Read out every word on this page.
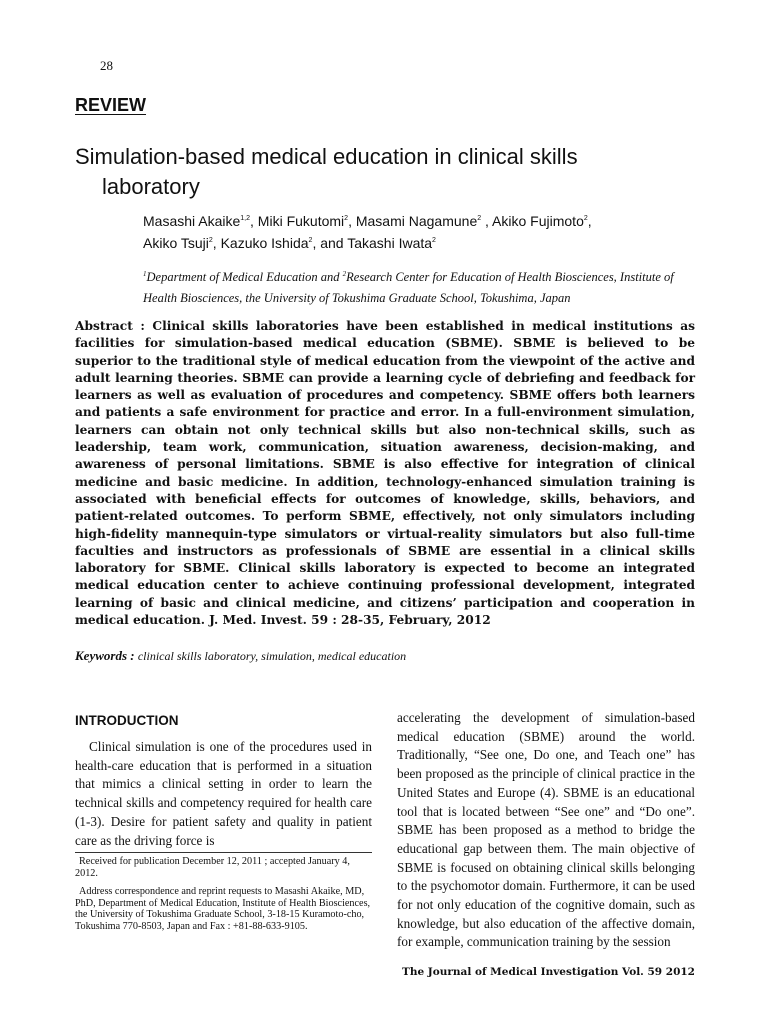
28
REVIEW
Simulation-based medical education in clinical skills
laboratory
Masashi Akaike$^{1,2}$, Miki Fukutomi$^2$, Masami Nagamune$^2$ , Akiko Fujimoto$^2$,
Akiko Tsuji$^2$, Kazuko Ishida$^2$, and Takashi Iwata$^2$
$^1$Department of Medical Education and $^2$Research Center for Education of Health Biosciences, Institute of Health Biosciences, the University of Tokushima Graduate School, Tokushima, Japan

Abstract : Clinical skills laboratories have been established in medical institutions as facilities for simulation-based medical education (SBME). SBME is believed to be superior to the traditional style of medical education from the viewpoint of the active and adult learning theories. SBME can provide a learning cycle of debriefing and feedback for learners as well as evaluation of procedures and competency. SBME offers both learners and patients a safe environment for practice and error. In a full-environment simulation, learners can obtain not only technical skills but also non-technical skills, such as leadership, team work, communication, situation awareness, decision-making, and awareness of personal limitations. SBME is also effective for integration of clinical medicine and basic medicine. In addition, technology-enhanced simulation training is associated with beneficial effects for outcomes of knowledge, skills, behaviors, and patient-related outcomes. To perform SBME, effectively, not only simulators including high-fidelity mannequin-type simulators or virtual-reality simulators but also full-time faculties and instructors as professionals of SBME are essential in a clinical skills laboratory for SBME. Clinical skills laboratory is expected to become an integrated medical education center to achieve continuing professional development, integrated learning of basic and clinical medicine, and citizens’ participation and cooperation in medical education. J. Med. Invest. 59 : 28-35, February, 2012

Keywords : clinical skills laboratory, simulation, medical education
INTRODUCTION

Clinical simulation is one of the procedures used in health-care education that is performed in a situation that mimics a clinical setting in order to learn the technical skills and competency required for health care (1-3). Desire for patient safety and quality in patient care as the driving force is

accelerating the development of simulation-based medical education (SBME) around the world. Traditionally, “See one, Do one, and Teach one” has been proposed as the principle of clinical practice in the United States and Europe (4). SBME is an educational tool that is located between “See one” and “Do one”. SBME has been proposed as a method to bridge the educational gap between them. The main objective of SBME is focused on obtaining clinical skills belonging to the psychomotor domain. Furthermore, it can be used for not only education of the cognitive domain, such as knowledge, but also education of the affective domain, for example, communication training by the session

Received for publication December 12, 2011 ; accepted January 4, 2012.

Address correspondence and reprint requests to Masashi Akaike, MD, PhD, Department of Medical Education, Institute of Health Biosciences, the University of Tokushima Graduate School, 3-18-15 Kuramoto-cho, Tokushima 770-8503, Japan and Fax : +81-88-633-9105.

The Journal of Medical Investigation Vol. 59 2012
